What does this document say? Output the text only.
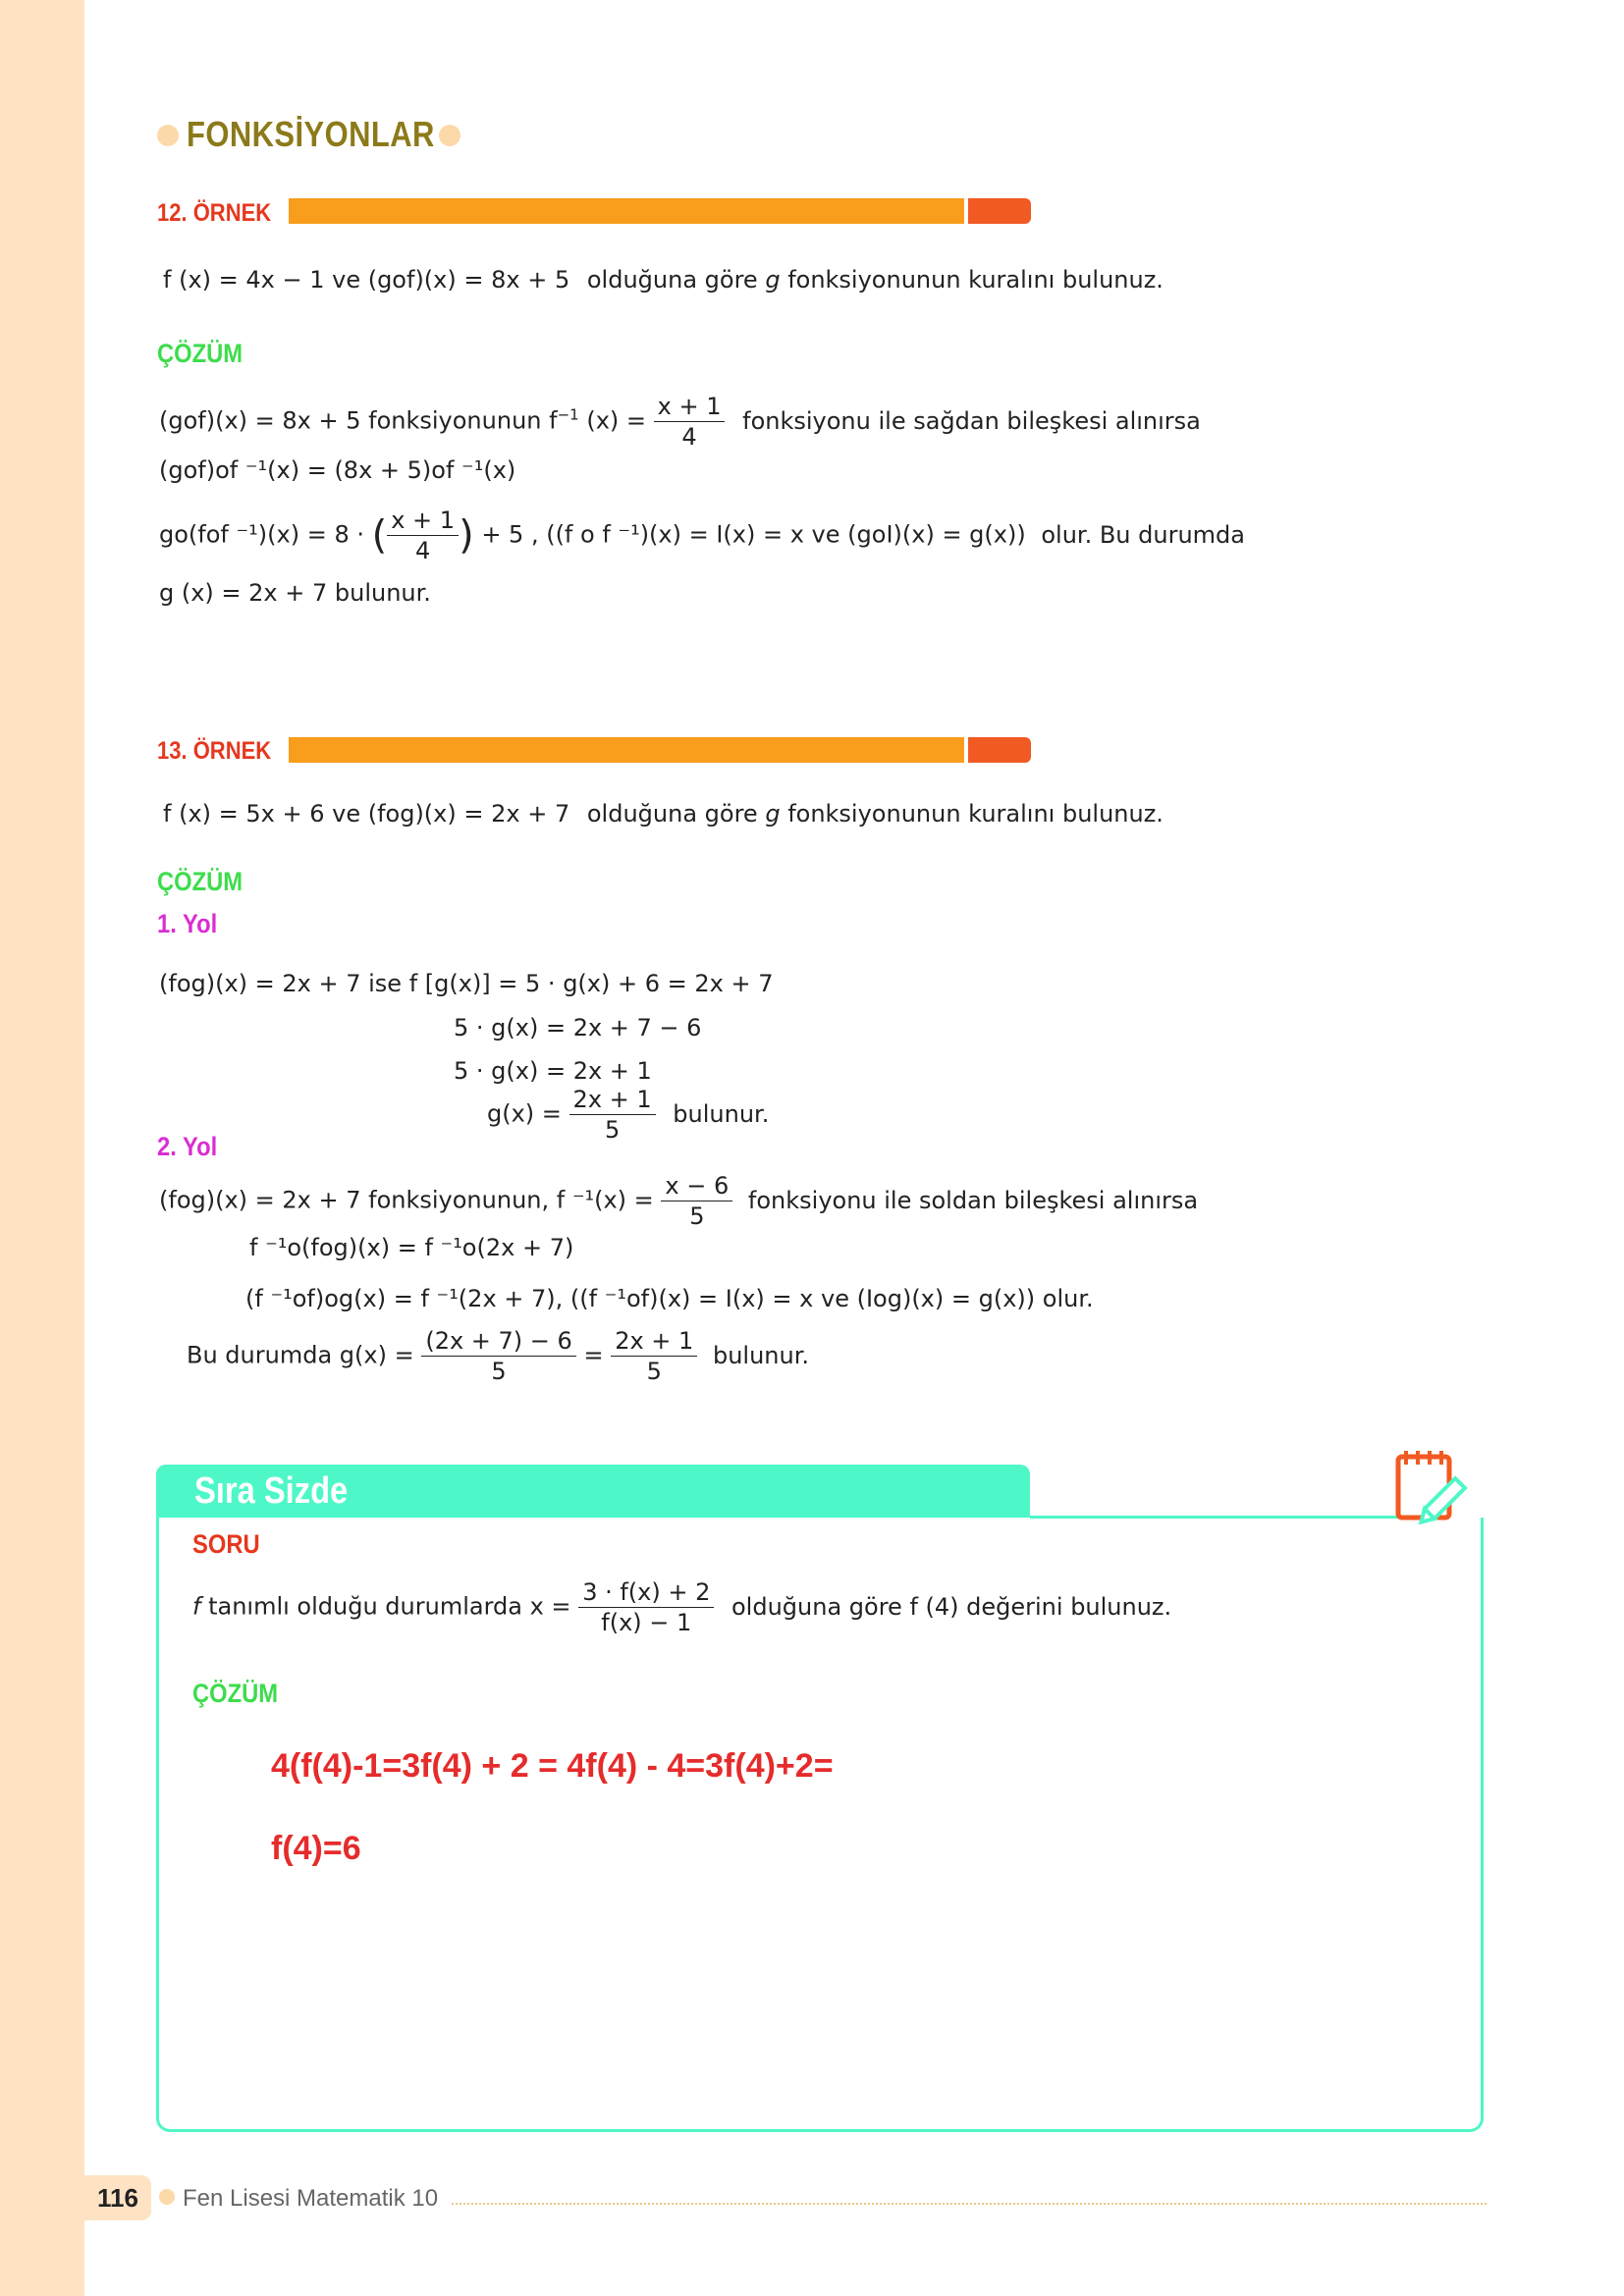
FONKSİYONLAR
12. ÖRNEK
f (x) = 4x − 1 ve (gof)(x) = 8x + 5 olduğuna göre g fonksiyonunun kuralını bulunuz.
ÇÖZÜM
(gof)(x) = 8x + 5 fonksiyonunun $f^{-1}$ $(x) = \frac{x + 1}{4}$ fonksiyonu ile sağdan bileşkesi alınırsa
(gof)of ⁻¹(x) = (8x + 5)of ⁻¹(x)
go(fof ⁻¹)(x) = 8 · ( $\frac{x + 1}{4}$ ) + 5 , ((f o f ⁻¹)(x) = I(x) = x ve (goI)(x) = g(x)) olur. Bu durumda
g (x) = 2x + 7 bulunur.
13. ÖRNEK
f (x) = 5x + 6 ve (fog)(x) = 2x + 7 olduğuna göre g fonksiyonunun kuralını bulunuz.
ÇÖZÜM
1. Yol
(fog)(x) = 2x + 7 ise f [g(x)] = 5 · g(x) + 6 = 2x + 7
5 · g(x) = 2x + 7 − 6
5 · g(x) = 2x + 1
$g(x) = \frac{2x + 1}{5}$ bulunur.
2. Yol
(fog)(x) = 2x + 7 fonksiyonunun, f $^{-1}(x) = \frac{x - 6}{5}$ fonksiyonu ile soldan bileşkesi alınırsa
f ⁻¹o(fog)(x) = f ⁻¹o(2x + 7)
(f ⁻¹of)og(x) = f ⁻¹(2x + 7), ((f ⁻¹of)(x) = I(x) = x ve (Iog)(x) = g(x)) olur.
Bu durumda $g(x) = \frac{(2x + 7) - 6}{5} = \frac{2x + 1}{5}$ bulunur.
Sıra Sizde
SORU
f tanımlı olduğu durumlarda $x = \frac{3 \cdot f(x) + 2}{f(x) - 1}$ olduğuna göre f (4) değerini bulunuz.
ÇÖZÜM
4(f(4)-1=3f(4) + 2 = 4f(4) - 4=3f(4)+2=
f(4)=6
116	Fen Lisesi Matematik 10
